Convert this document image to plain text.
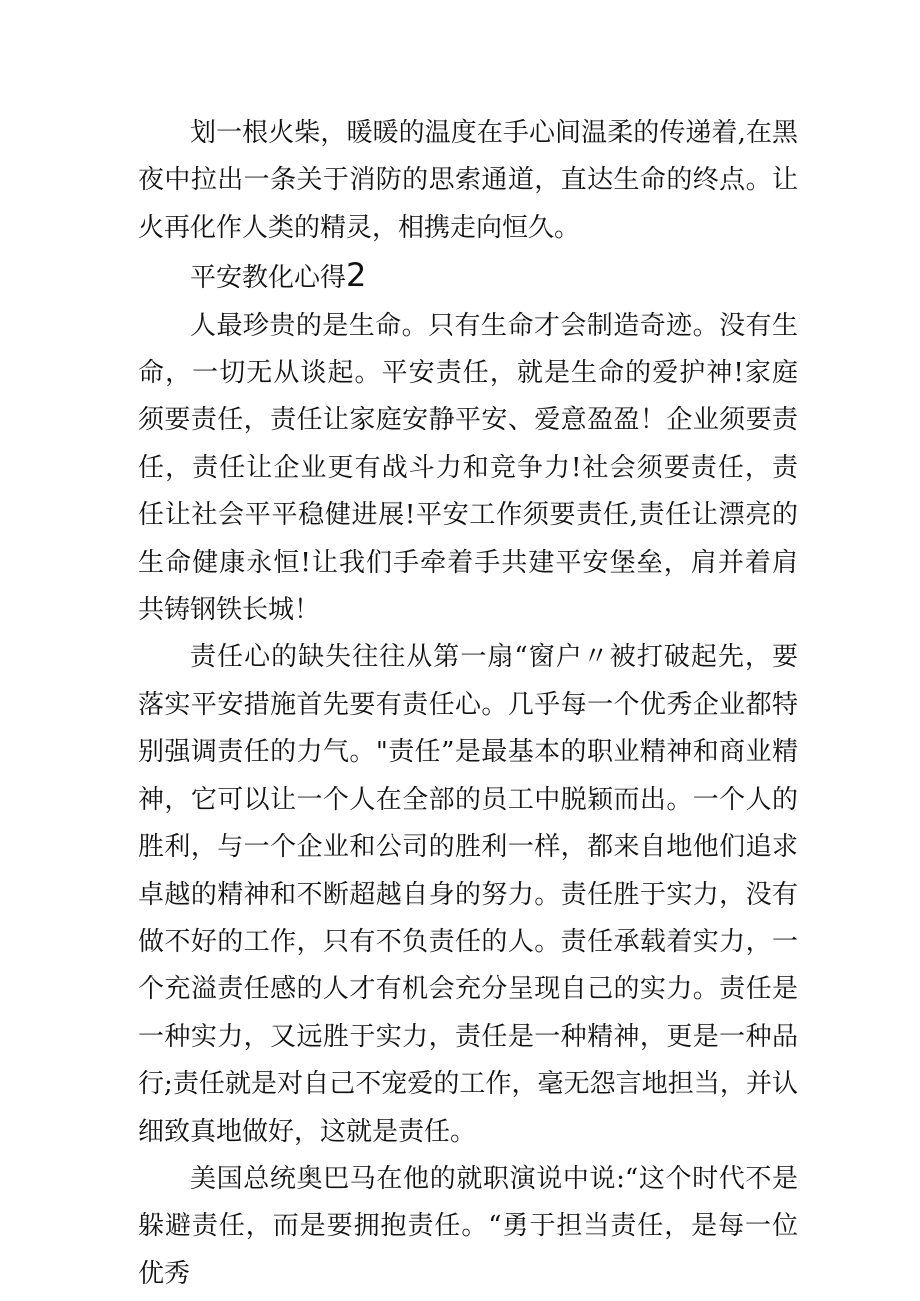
划一根火柴，暖暖的温度在手心间温柔的传递着,在黑夜中拉出一条关于消防的思索通道，直达生命的终点。让火再化作人类的精灵，相携走向恒久。

平安教化心得2

人最珍贵的是生命。只有生命才会制造奇迹。没有生命，一切无从谈起。平安责任，就是生命的爱护神!家庭须要责任，责任让家庭安静平安、爱意盈盈！企业须要责任，责任让企业更有战斗力和竞争力!社会须要责任，责任让社会平平稳健进展!平安工作须要责任,责任让漂亮的生命健康永恒!让我们手牵着手共建平安堡垒，肩并着肩共铸钢铁长城！

责任心的缺失往往从第一扇“窗户〃被打破起先，要落实平安措施首先要有责任心。几乎每一个优秀企业都特别强调责任的力气。"责任”是最基本的职业精神和商业精神，它可以让一个人在全部的员工中脱颖而出。一个人的胜利，与一个企业和公司的胜利一样，都来自地他们追求卓越的精神和不断超越自身的努力。责任胜于实力，没有做不好的工作，只有不负责任的人。责任承载着实力，一个充溢责任感的人才有机会充分呈现自己的实力。责任是一种实力，又远胜于实力，责任是一种精神，更是一种品行;责任就是对自己不宠爱的工作，毫无怨言地担当，并认细致真地做好，这就是责任。

美国总统奥巴马在他的就职演说中说:“这个时代不是躲避责任，而是要拥抱责任。“勇于担当责任，是每一位优秀
